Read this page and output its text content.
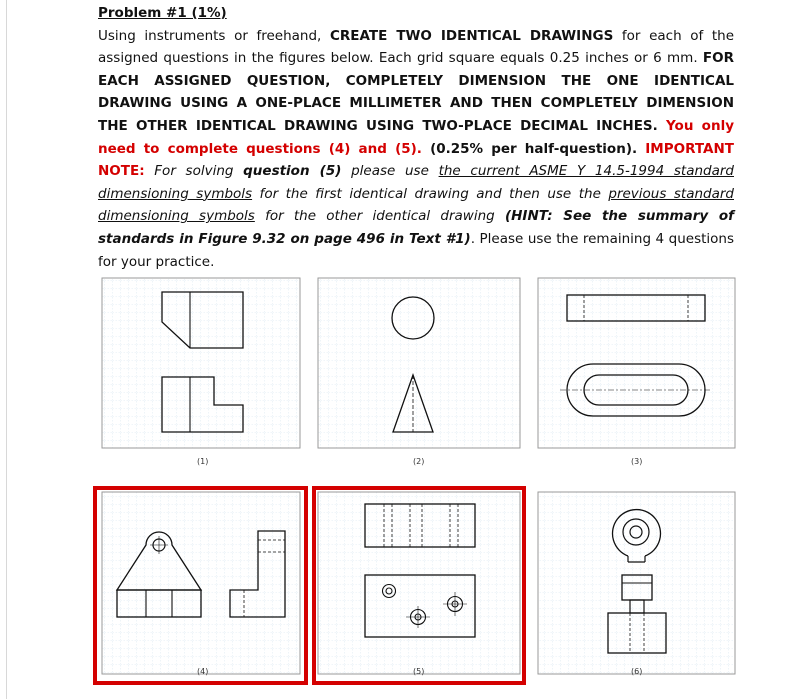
Problem #1 (1%)
Using instruments or freehand, CREATE TWO IDENTICAL DRAWINGS for each of the assigned questions in the figures below. Each grid square equals 0.25 inches or 6 mm. FOR EACH ASSIGNED QUESTION, COMPLETELY DIMENSION THE ONE IDENTICAL DRAWING USING A ONE-PLACE MILLIMETER AND THEN COMPLETELY DIMENSION THE OTHER IDENTICAL DRAWING USING TWO-PLACE DECIMAL INCHES. You only need to complete questions (4) and (5). (0.25% per half-question). IMPORTANT NOTE: For solving question (5) please use the current ASME Y 14.5-1994 standard dimensioning symbols for the first identical drawing and then use the previous standard dimensioning symbols for the other identical drawing (HINT: See the summary of standards in Figure 9.32 on page 496 in Text #1). Please use the remaining 4 questions for your practice.
(1)	(2)	(3)
(4)	(5)	(6)
